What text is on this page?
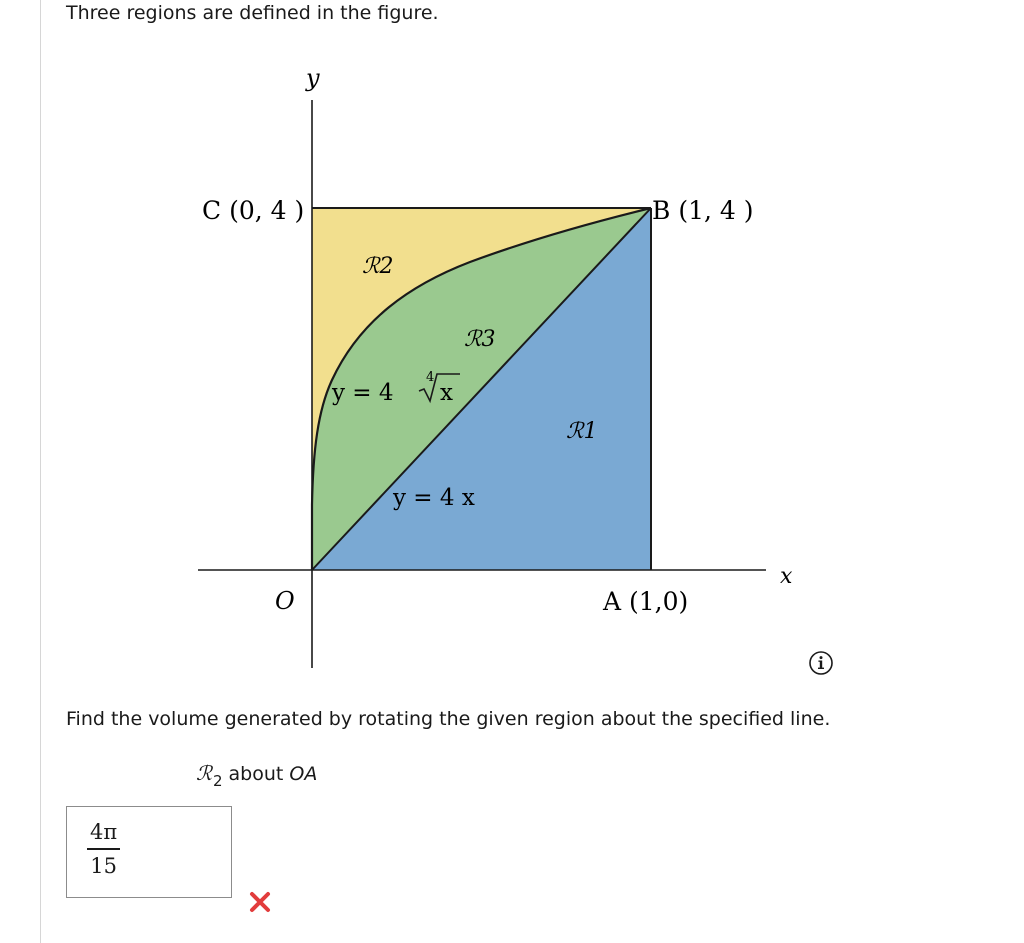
Three regions are defined in the figure.
y
x
O
C (0, 4 )	B (1, 4 )
A (1,0)
ℛ2
ℛ3
ℛ1
y = 4
4
x
y = 4 x
Find the volume generated by rotating the given region about the specified line.
ℛ$_2$ about OA
4π
15
